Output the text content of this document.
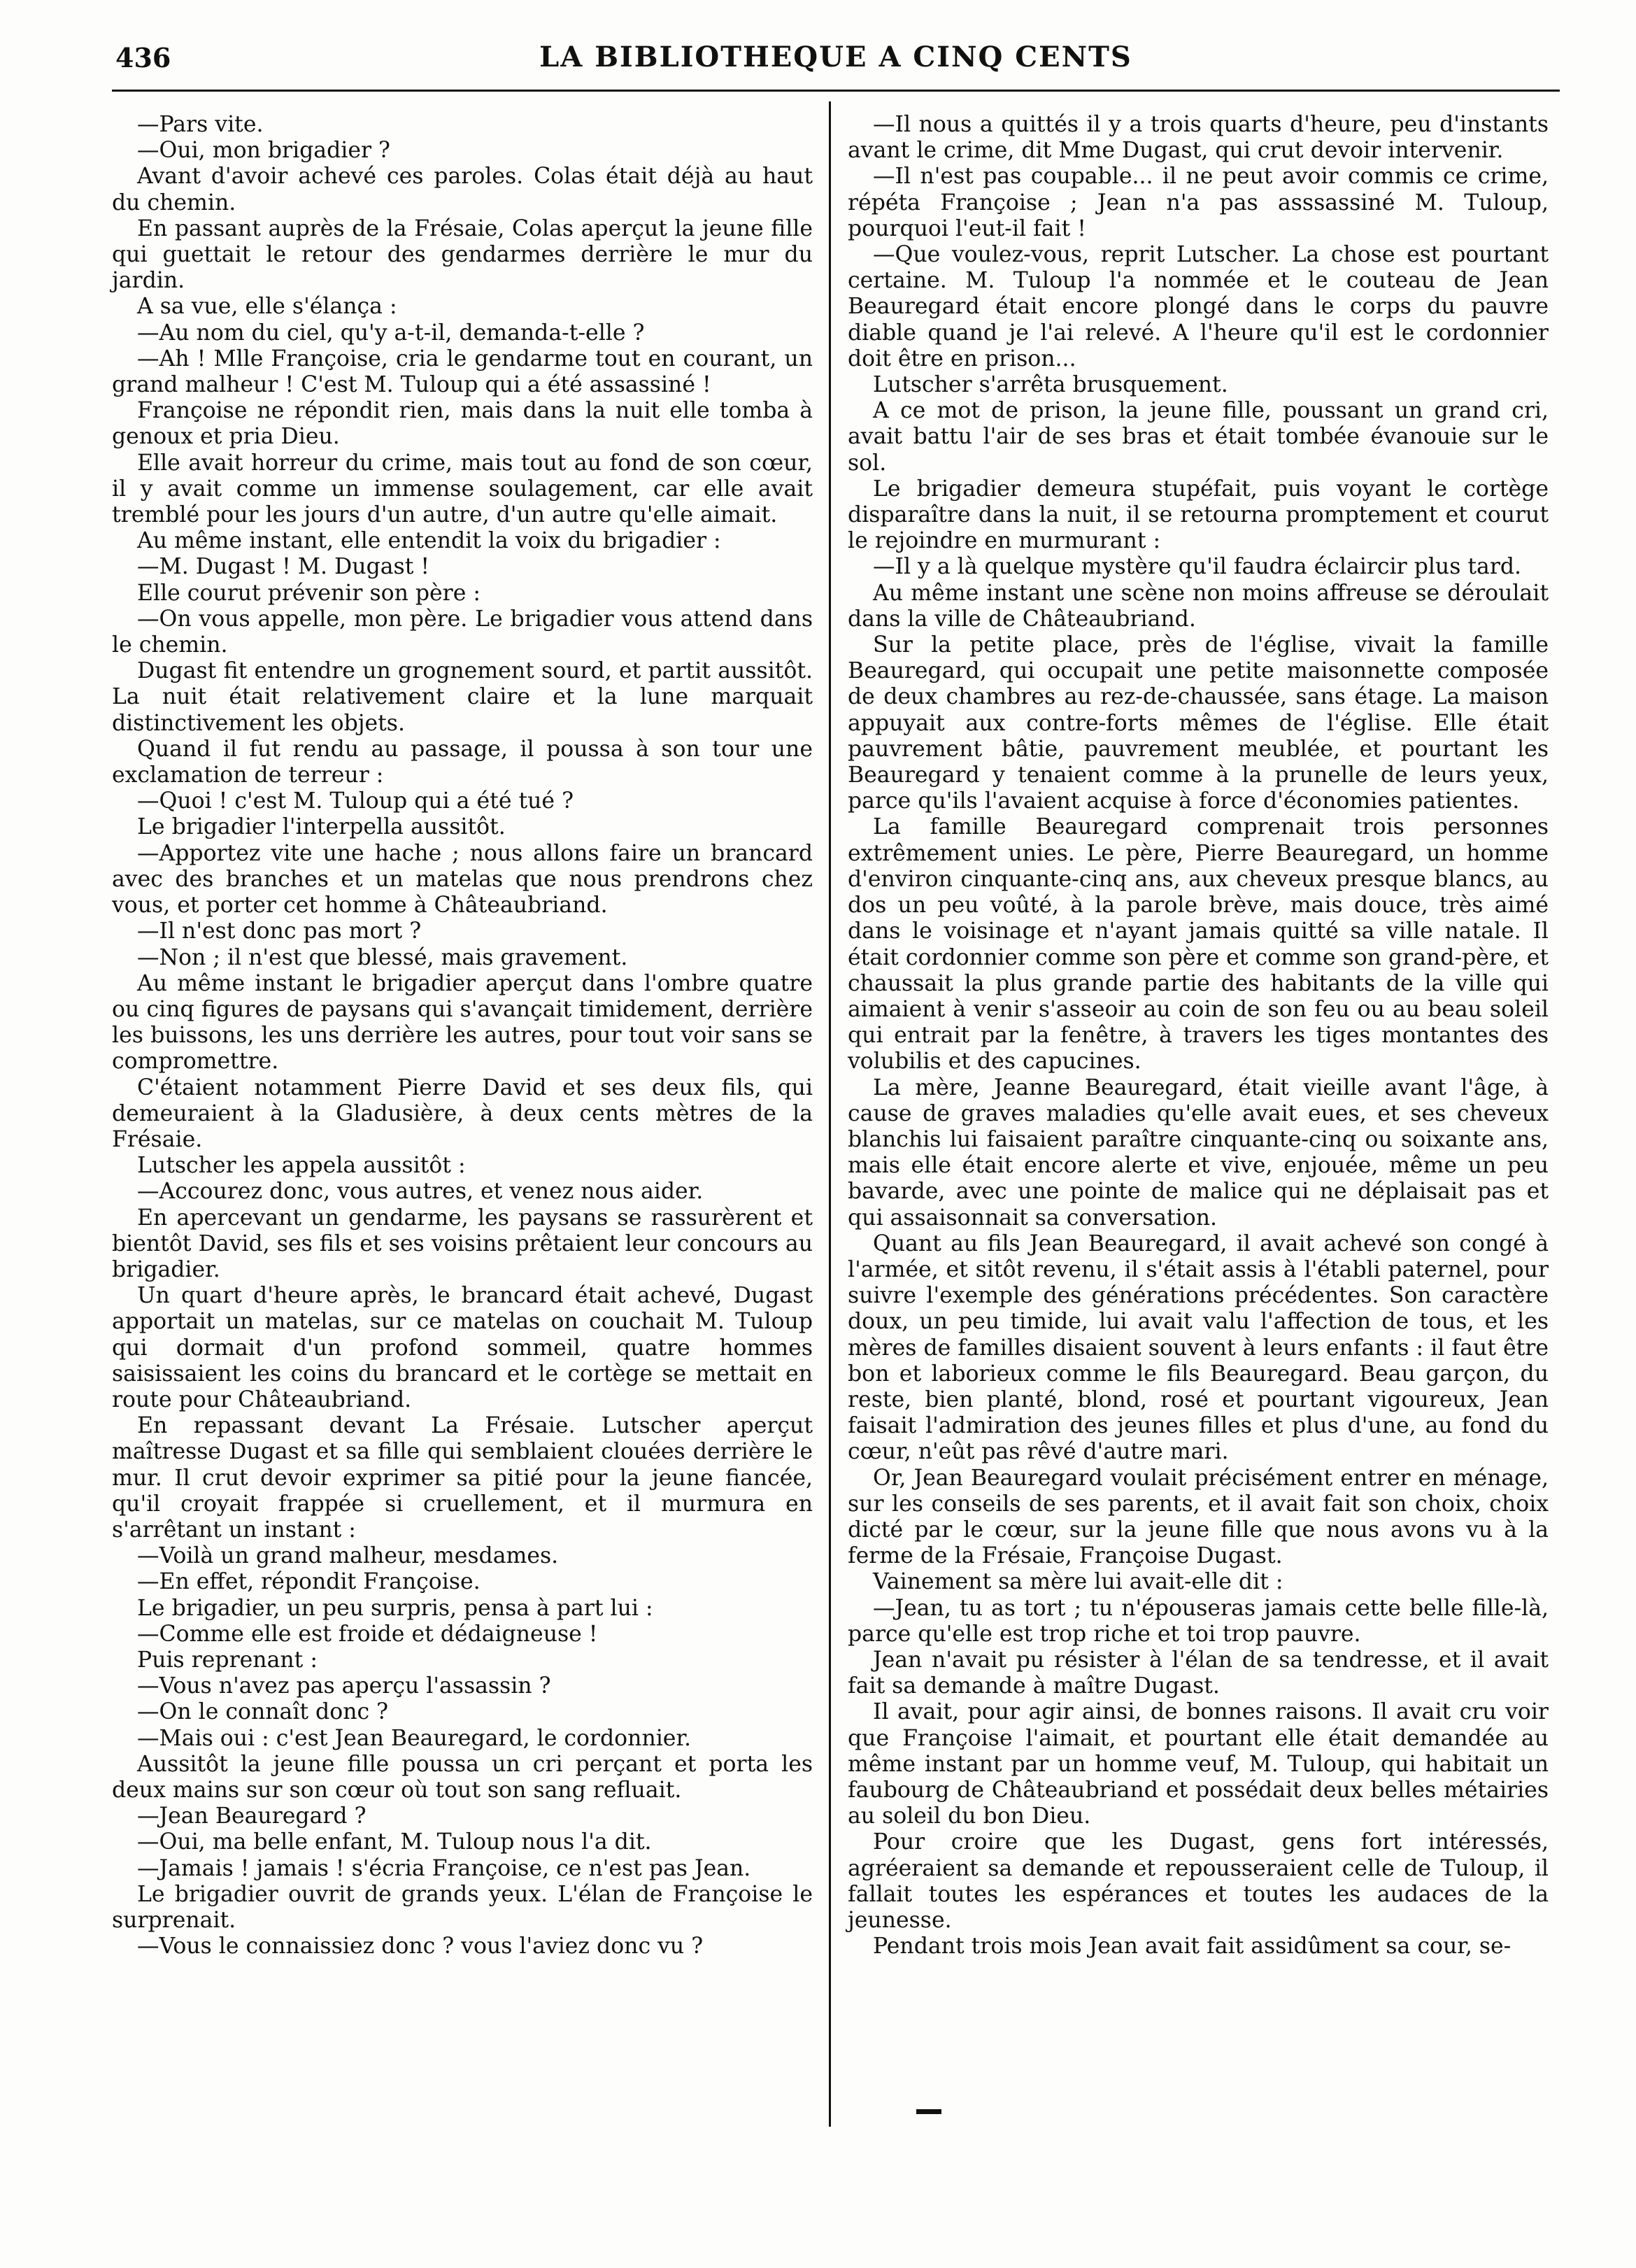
436	LA BIBLIOTHEQUE A CINQ CENTS

—Pars vite.

—Oui, mon brigadier ?

Avant d'avoir achevé ces paroles. Colas était déjà au haut du chemin.

En passant auprès de la Frésaie, Colas aperçut la jeune fille qui guettait le retour des gendarmes derrière le mur du jardin.

A sa vue, elle s'élança :

—Au nom du ciel, qu'y a-t-il, demanda-t-elle ?

—Ah ! Mlle Françoise, cria le gendarme tout en courant, un grand malheur ! C'est M. Tuloup qui a été assassiné !

Françoise ne répondit rien, mais dans la nuit elle tomba à genoux et pria Dieu.

Elle avait horreur du crime, mais tout au fond de son cœur, il y avait comme un immense soulagement, car elle avait tremblé pour les jours d'un autre, d'un autre qu'elle aimait.

Au même instant, elle entendit la voix du brigadier :

—M. Dugast ! M. Dugast !

Elle courut prévenir son père :

—On vous appelle, mon père. Le brigadier vous attend dans le chemin.

Dugast fit entendre un grognement sourd, et partit aussitôt. La nuit était relativement claire et la lune marquait distinctivement les objets.

Quand il fut rendu au passage, il poussa à son tour une exclamation de terreur :

—Quoi ! c'est M. Tuloup qui a été tué ?

Le brigadier l'interpella aussitôt.

—Apportez vite une hache ; nous allons faire un brancard avec des branches et un matelas que nous prendrons chez vous, et porter cet homme à Châteaubriand.

—Il n'est donc pas mort ?

—Non ; il n'est que blessé, mais gravement.

Au même instant le brigadier aperçut dans l'ombre quatre ou cinq figures de paysans qui s'avançait timidement, derrière les buissons, les uns derrière les autres, pour tout voir sans se compromettre.

C'étaient notamment Pierre David et ses deux fils, qui demeuraient à la Gladusière, à deux cents mètres de la Frésaie.

Lutscher les appela aussitôt :

—Accourez donc, vous autres, et venez nous aider.

En apercevant un gendarme, les paysans se rassurèrent et bientôt David, ses fils et ses voisins prêtaient leur concours au brigadier.

Un quart d'heure après, le brancard était achevé, Dugast apportait un matelas, sur ce matelas on couchait M. Tuloup qui dormait d'un profond sommeil, quatre hommes saisissaient les coins du brancard et le cortège se mettait en route pour Châteaubriand.

En repassant devant La Frésaie. Lutscher aperçut maîtresse Dugast et sa fille qui semblaient clouées derrière le mur. Il crut devoir exprimer sa pitié pour la jeune fiancée, qu'il croyait frappée si cruellement, et il murmura en s'arrêtant un instant :

—Voilà un grand malheur, mesdames.

—En effet, répondit Françoise.

Le brigadier, un peu surpris, pensa à part lui :

—Comme elle est froide et dédaigneuse !

Puis reprenant :

—Vous n'avez pas aperçu l'assassin ?

—On le connaît donc ?

—Mais oui : c'est Jean Beauregard, le cordonnier.

Aussitôt la jeune fille poussa un cri perçant et porta les deux mains sur son cœur où tout son sang refluait.

—Jean Beauregard ?

—Oui, ma belle enfant, M. Tuloup nous l'a dit.

—Jamais ! jamais ! s'écria Françoise, ce n'est pas Jean.

Le brigadier ouvrit de grands yeux. L'élan de Françoise le surprenait.

—Vous le connaissiez donc ? vous l'aviez donc vu ?

—Il nous a quittés il y a trois quarts d'heure, peu d'instants avant le crime, dit Mme Dugast, qui crut devoir intervenir.

—Il n'est pas coupable... il ne peut avoir commis ce crime, répéta Françoise ; Jean n'a pas asssassiné M. Tuloup, pourquoi l'eut-il fait !

—Que voulez-vous, reprit Lutscher. La chose est pourtant certaine. M. Tuloup l'a nommée et le couteau de Jean Beauregard était encore plongé dans le corps du pauvre diable quand je l'ai relevé. A l'heure qu'il est le cordonnier doit être en prison...

Lutscher s'arrêta brusquement.

A ce mot de prison, la jeune fille, poussant un grand cri, avait battu l'air de ses bras et était tombée évanouie sur le sol.

Le brigadier demeura stupéfait, puis voyant le cortège disparaître dans la nuit, il se retourna promptement et courut le rejoindre en murmurant :

—Il y a là quelque mystère qu'il faudra éclaircir plus tard.

Au même instant une scène non moins affreuse se déroulait dans la ville de Châteaubriand.

Sur la petite place, près de l'église, vivait la famille Beauregard, qui occupait une petite maisonnette composée de deux chambres au rez-de-chaussée, sans étage. La maison appuyait aux contre-forts mêmes de l'église. Elle était pauvrement bâtie, pauvrement meublée, et pourtant les Beauregard y tenaient comme à la prunelle de leurs yeux, parce qu'ils l'avaient acquise à force d'économies patientes.

La famille Beauregard comprenait trois personnes extrêmement unies. Le père, Pierre Beauregard, un homme d'environ cinquante-cinq ans, aux cheveux presque blancs, au dos un peu voûté, à la parole brève, mais douce, très aimé dans le voisinage et n'ayant jamais quitté sa ville natale. Il était cordonnier comme son père et comme son grand-père, et chaussait la plus grande partie des habitants de la ville qui aimaient à venir s'asseoir au coin de son feu ou au beau soleil qui entrait par la fenêtre, à travers les tiges montantes des volubilis et des capucines.

La mère, Jeanne Beauregard, était vieille avant l'âge, à cause de graves maladies qu'elle avait eues, et ses cheveux blanchis lui faisaient paraître cinquante-cinq ou soixante ans, mais elle était encore alerte et vive, enjouée, même un peu bavarde, avec une pointe de malice qui ne déplaisait pas et qui assaisonnait sa conversation.

Quant au fils Jean Beauregard, il avait achevé son congé à l'armée, et sitôt revenu, il s'était assis à l'établi paternel, pour suivre l'exemple des générations précédentes. Son caractère doux, un peu timide, lui avait valu l'affection de tous, et les mères de familles disaient souvent à leurs enfants : il faut être bon et laborieux comme le fils Beauregard. Beau garçon, du reste, bien planté, blond, rosé et pourtant vigoureux, Jean faisait l'admiration des jeunes filles et plus d'une, au fond du cœur, n'eût pas rêvé d'autre mari.

Or, Jean Beauregard voulait précisément entrer en ménage, sur les conseils de ses parents, et il avait fait son choix, choix dicté par le cœur, sur la jeune fille que nous avons vu à la ferme de la Frésaie, Françoise Dugast.

Vainement sa mère lui avait-elle dit :

—Jean, tu as tort ; tu n'épouseras jamais cette belle fille-là, parce qu'elle est trop riche et toi trop pauvre.

Jean n'avait pu résister à l'élan de sa tendresse, et il avait fait sa demande à maître Dugast.

Il avait, pour agir ainsi, de bonnes raisons. Il avait cru voir que Françoise l'aimait, et pourtant elle était demandée au même instant par un homme veuf, M. Tuloup, qui habitait un faubourg de Châteaubriand et possédait deux belles métairies au soleil du bon Dieu.

Pour croire que les Dugast, gens fort intéressés, agréeraient sa demande et repousseraient celle de Tuloup, il fallait toutes les espérances et toutes les audaces de la jeunesse.

Pendant trois mois Jean avait fait assidûment sa cour, se-
